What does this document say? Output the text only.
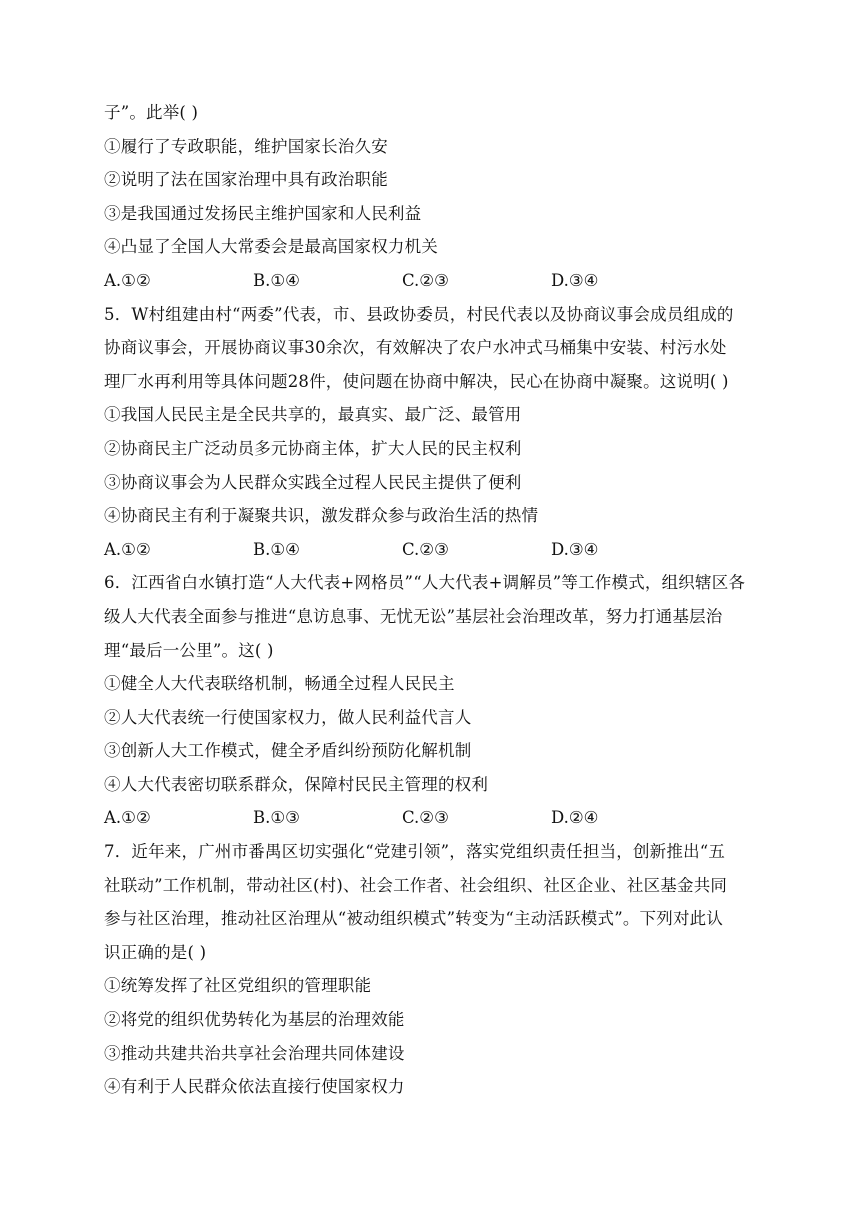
子”。此举( )
①履行了专政职能，维护国家长治久安
②说明了法在国家治理中具有政治职能
③是我国通过发扬民主维护国家和人民利益
④凸显了全国人大常委会是最高国家权力机关
A.①②	B.①④	C.②③	D.③④
5．W村组建由村“两委”代表，市、县政协委员，村民代表以及协商议事会成员组成的
协商议事会，开展协商议事30余次，有效解决了农户水冲式马桶集中安装、村污水处
理厂水再利用等具体问题28件，使问题在协商中解决，民心在协商中凝聚。这说明( )
①我国人民民主是全民共享的，最真实、最广泛、最管用
②协商民主广泛动员多元协商主体，扩大人民的民主权利
③协商议事会为人民群众实践全过程人民民主提供了便利
④协商民主有利于凝聚共识，激发群众参与政治生活的热情
A.①②	B.①④	C.②③	D.③④
6．江西省白水镇打造“人大代表+网格员”“人大代表+调解员”等工作模式，组织辖区各
级人大代表全面参与推进“息访息事、无忧无讼”基层社会治理改革，努力打通基层治
理“最后一公里”。这( )
①健全人大代表联络机制，畅通全过程人民民主
②人大代表统一行使国家权力，做人民利益代言人
③创新人大工作模式，健全矛盾纠纷预防化解机制
④人大代表密切联系群众，保障村民民主管理的权利
A.①②	B.①③	C.②③	D.②④
7．近年来，广州市番禺区切实强化“党建引领”，落实党组织责任担当，创新推出“五
社联动”工作机制，带动社区(村)、社会工作者、社会组织、社区企业、社区基金共同
参与社区治理，推动社区治理从“被动组织模式”转变为“主动活跃模式”。下列对此认
识正确的是( )
①统筹发挥了社区党组织的管理职能
②将党的组织优势转化为基层的治理效能
③推动共建共治共享社会治理共同体建设
④有利于人民群众依法直接行使国家权力
